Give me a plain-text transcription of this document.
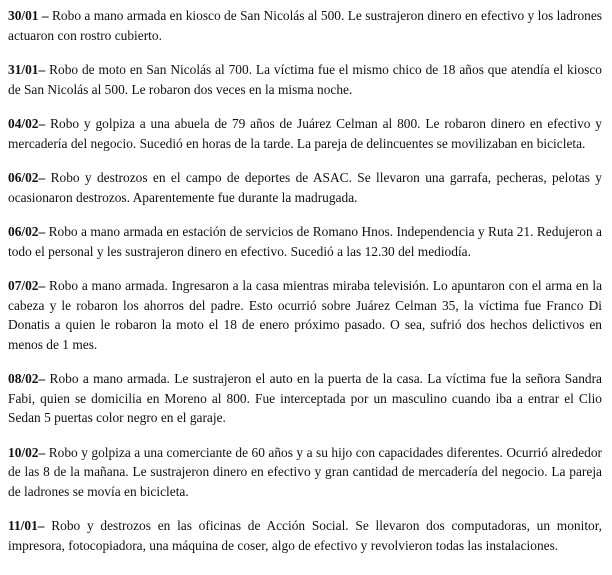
30/01 – Robo a mano armada en kiosco de San Nicolás al 500. Le sustrajeron dinero en efectivo y los ladrones actuaron con rostro cubierto.

31/01– Robo de moto en San Nicolás al 700. La víctima fue el mismo chico de 18 años que atendía el kiosco de San Nicolás al 500. Le robaron dos veces en la misma noche.

04/02– Robo y golpiza a una abuela de 79 años de Juárez Celman al 800. Le robaron dinero en efectivo y mercadería del negocio. Sucedió en horas de la tarde. La pareja de delincuentes se movilizaban en bicicleta.

06/02– Robo y destrozos en el campo de deportes de ASAC. Se llevaron una garrafa, pecheras, pelotas y ocasionaron destrozos. Aparentemente fue durante la madrugada.

06/02– Robo a mano armada en estación de servicios de Romano Hnos. Independencia y Ruta 21. Redujeron a todo el personal y les sustrajeron dinero en efectivo. Sucedió a las 12.30 del mediodía.

07/02– Robo a mano armada. Ingresaron a la casa mientras miraba televisión. Lo apuntaron con el arma en la cabeza y le robaron los ahorros del padre. Esto ocurrió sobre Juárez Celman 35, la víctima fue Franco Di Donatis a quien le robaron la moto el 18 de enero próximo pasado. O sea, sufrió dos hechos delictivos en menos de 1 mes.

08/02– Robo a mano armada. Le sustrajeron el auto en la puerta de la casa. La víctima fue la señora Sandra Fabi, quien se domicilia en Moreno al 800. Fue interceptada por un masculino cuando iba a entrar el Clio Sedan 5 puertas color negro en el garaje.

10/02– Robo y golpiza a una comerciante de 60 años y a su hijo con capacidades diferentes. Ocurrió alrededor de las 8 de la mañana. Le sustrajeron dinero en efectivo y gran cantidad de mercadería del negocio. La pareja de ladrones se movía en bicicleta.

11/01– Robo y destrozos en las oficinas de Acción Social. Se llevaron dos computadoras, un monitor, impresora, fotocopiadora, una máquina de coser, algo de efectivo y revolvieron todas las instalaciones.
